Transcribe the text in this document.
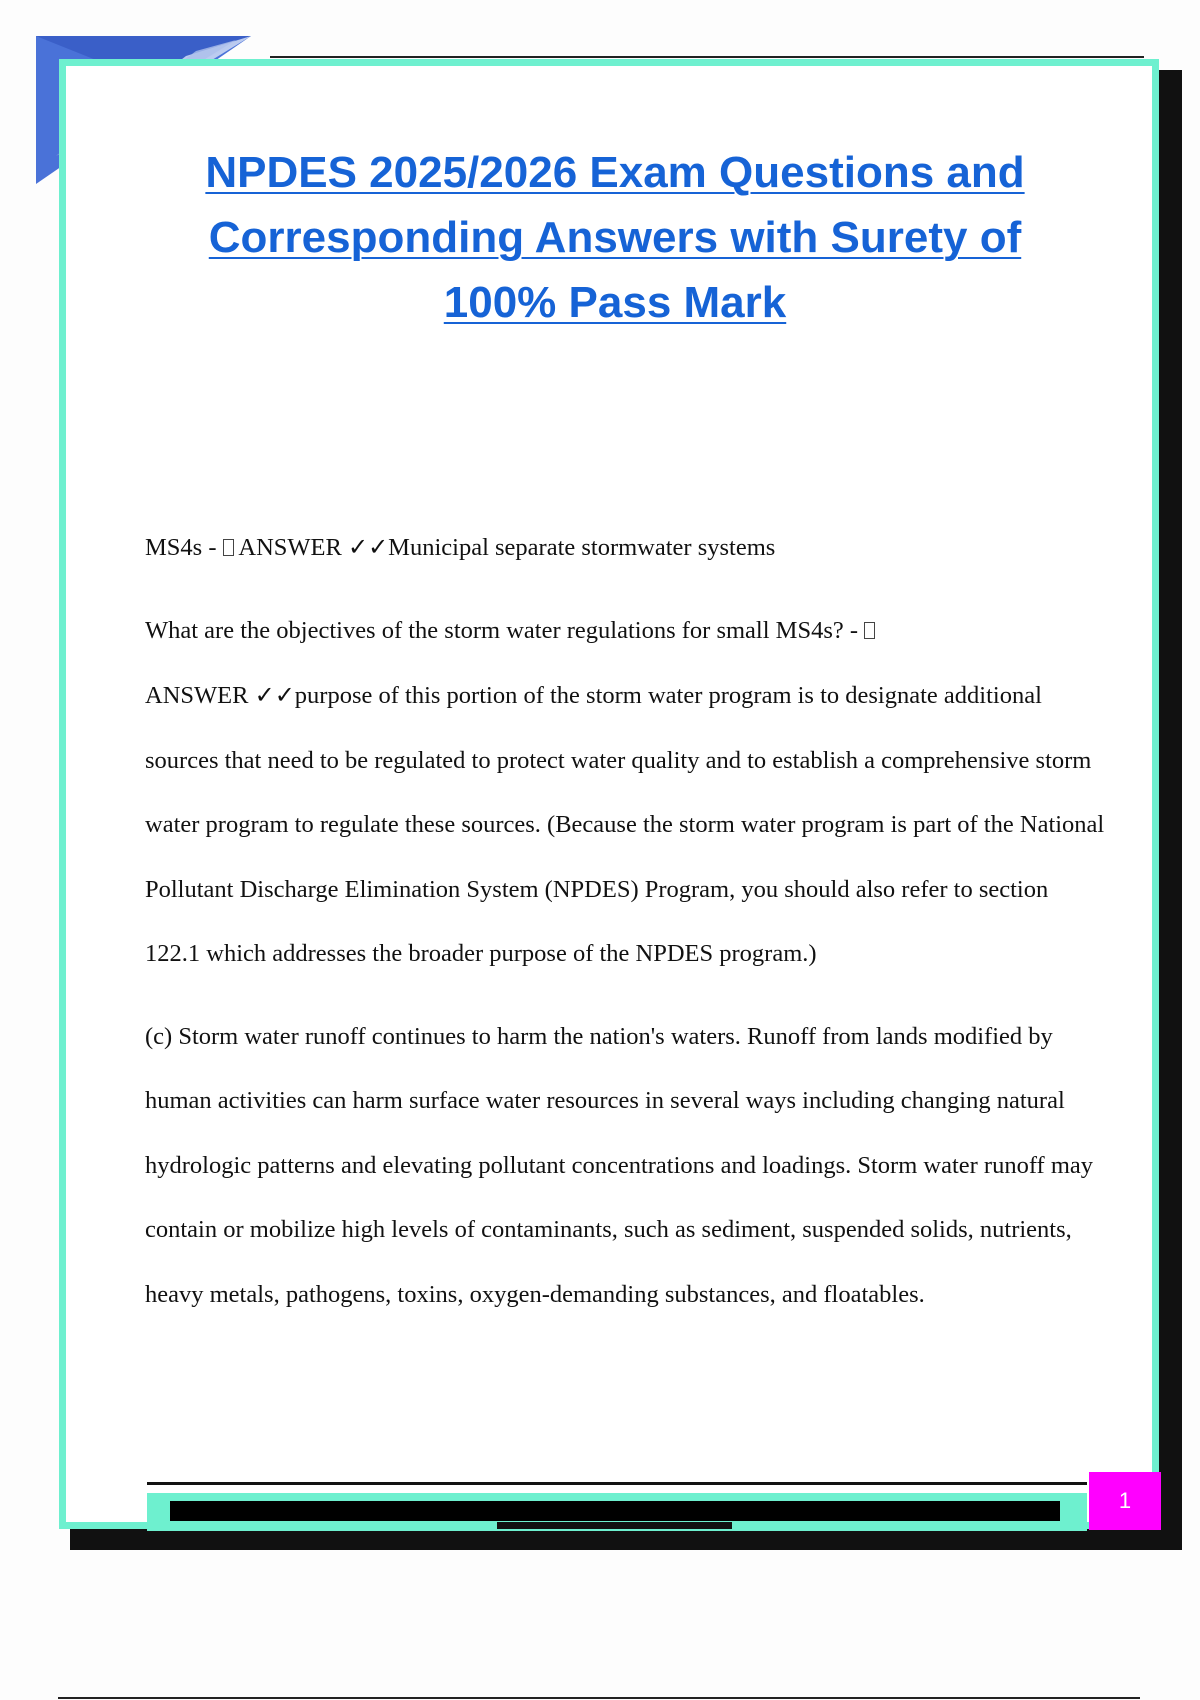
NPDES 2025/2026 Exam Questions and Corresponding Answers with Surety of 100% Pass Mark

MS4s -  ANSWER ✓✓Municipal separate stormwater systems

What are the objectives of the storm water regulations for small MS4s? -
ANSWER ✓✓purpose of this portion of the storm water program is to designate additional sources that need to be regulated to protect water quality and to establish a comprehensive storm water program to regulate these sources. (Because the storm water program is part of the National Pollutant Discharge Elimination System (NPDES) Program, you should also refer to section 122.1 which addresses the broader purpose of the NPDES program.)

(c) Storm water runoff continues to harm the nation's waters. Runoff from lands modified by human activities can harm surface water resources in several ways including changing natural hydrologic patterns and elevating pollutant concentrations and loadings. Storm water runoff may contain or mobilize high levels of contaminants, such as sediment, suspended solids, nutrients, heavy metals, pathogens, toxins, oxygen-demanding substances, and floatables.

1
